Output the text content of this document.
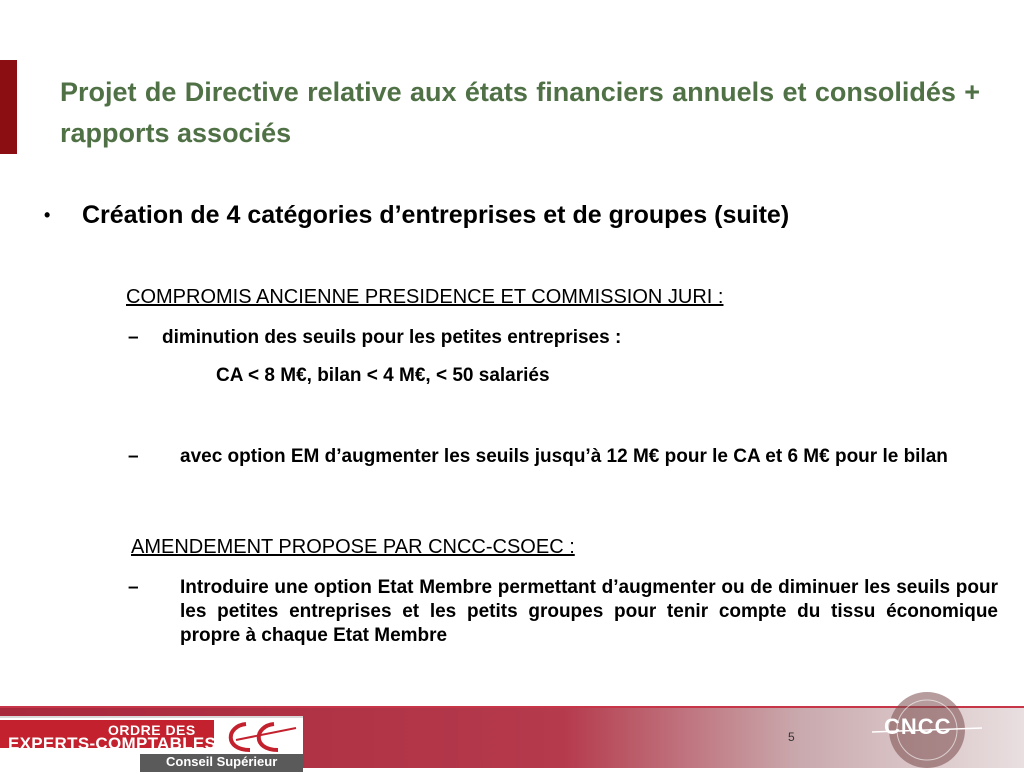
Projet de Directive relative aux états financiers annuels et consolidés + rapports associés
• Création de 4 catégories d’entreprises et de groupes (suite)
COMPROMIS ANCIENNE PRESIDENCE ET COMMISSION JURI :
– diminution des seuils pour les petites entreprises :
CA < 8 M€, bilan < 4 M€, < 50 salariés
– avec option EM d’augmenter les seuils jusqu’à 12 M€ pour le CA et 6 M€ pour le bilan
AMENDEMENT PROPOSE PAR CNCC-CSOEC :
– Introduire une option Etat Membre permettant d’augmenter ou de diminuer les seuils pour les petites entreprises et les petits groupes pour tenir compte du tissu économique propre à chaque Etat Membre
ORDRE DES
EXPERTS-COMPTABLES
Conseil Supérieur
5	CNCC
